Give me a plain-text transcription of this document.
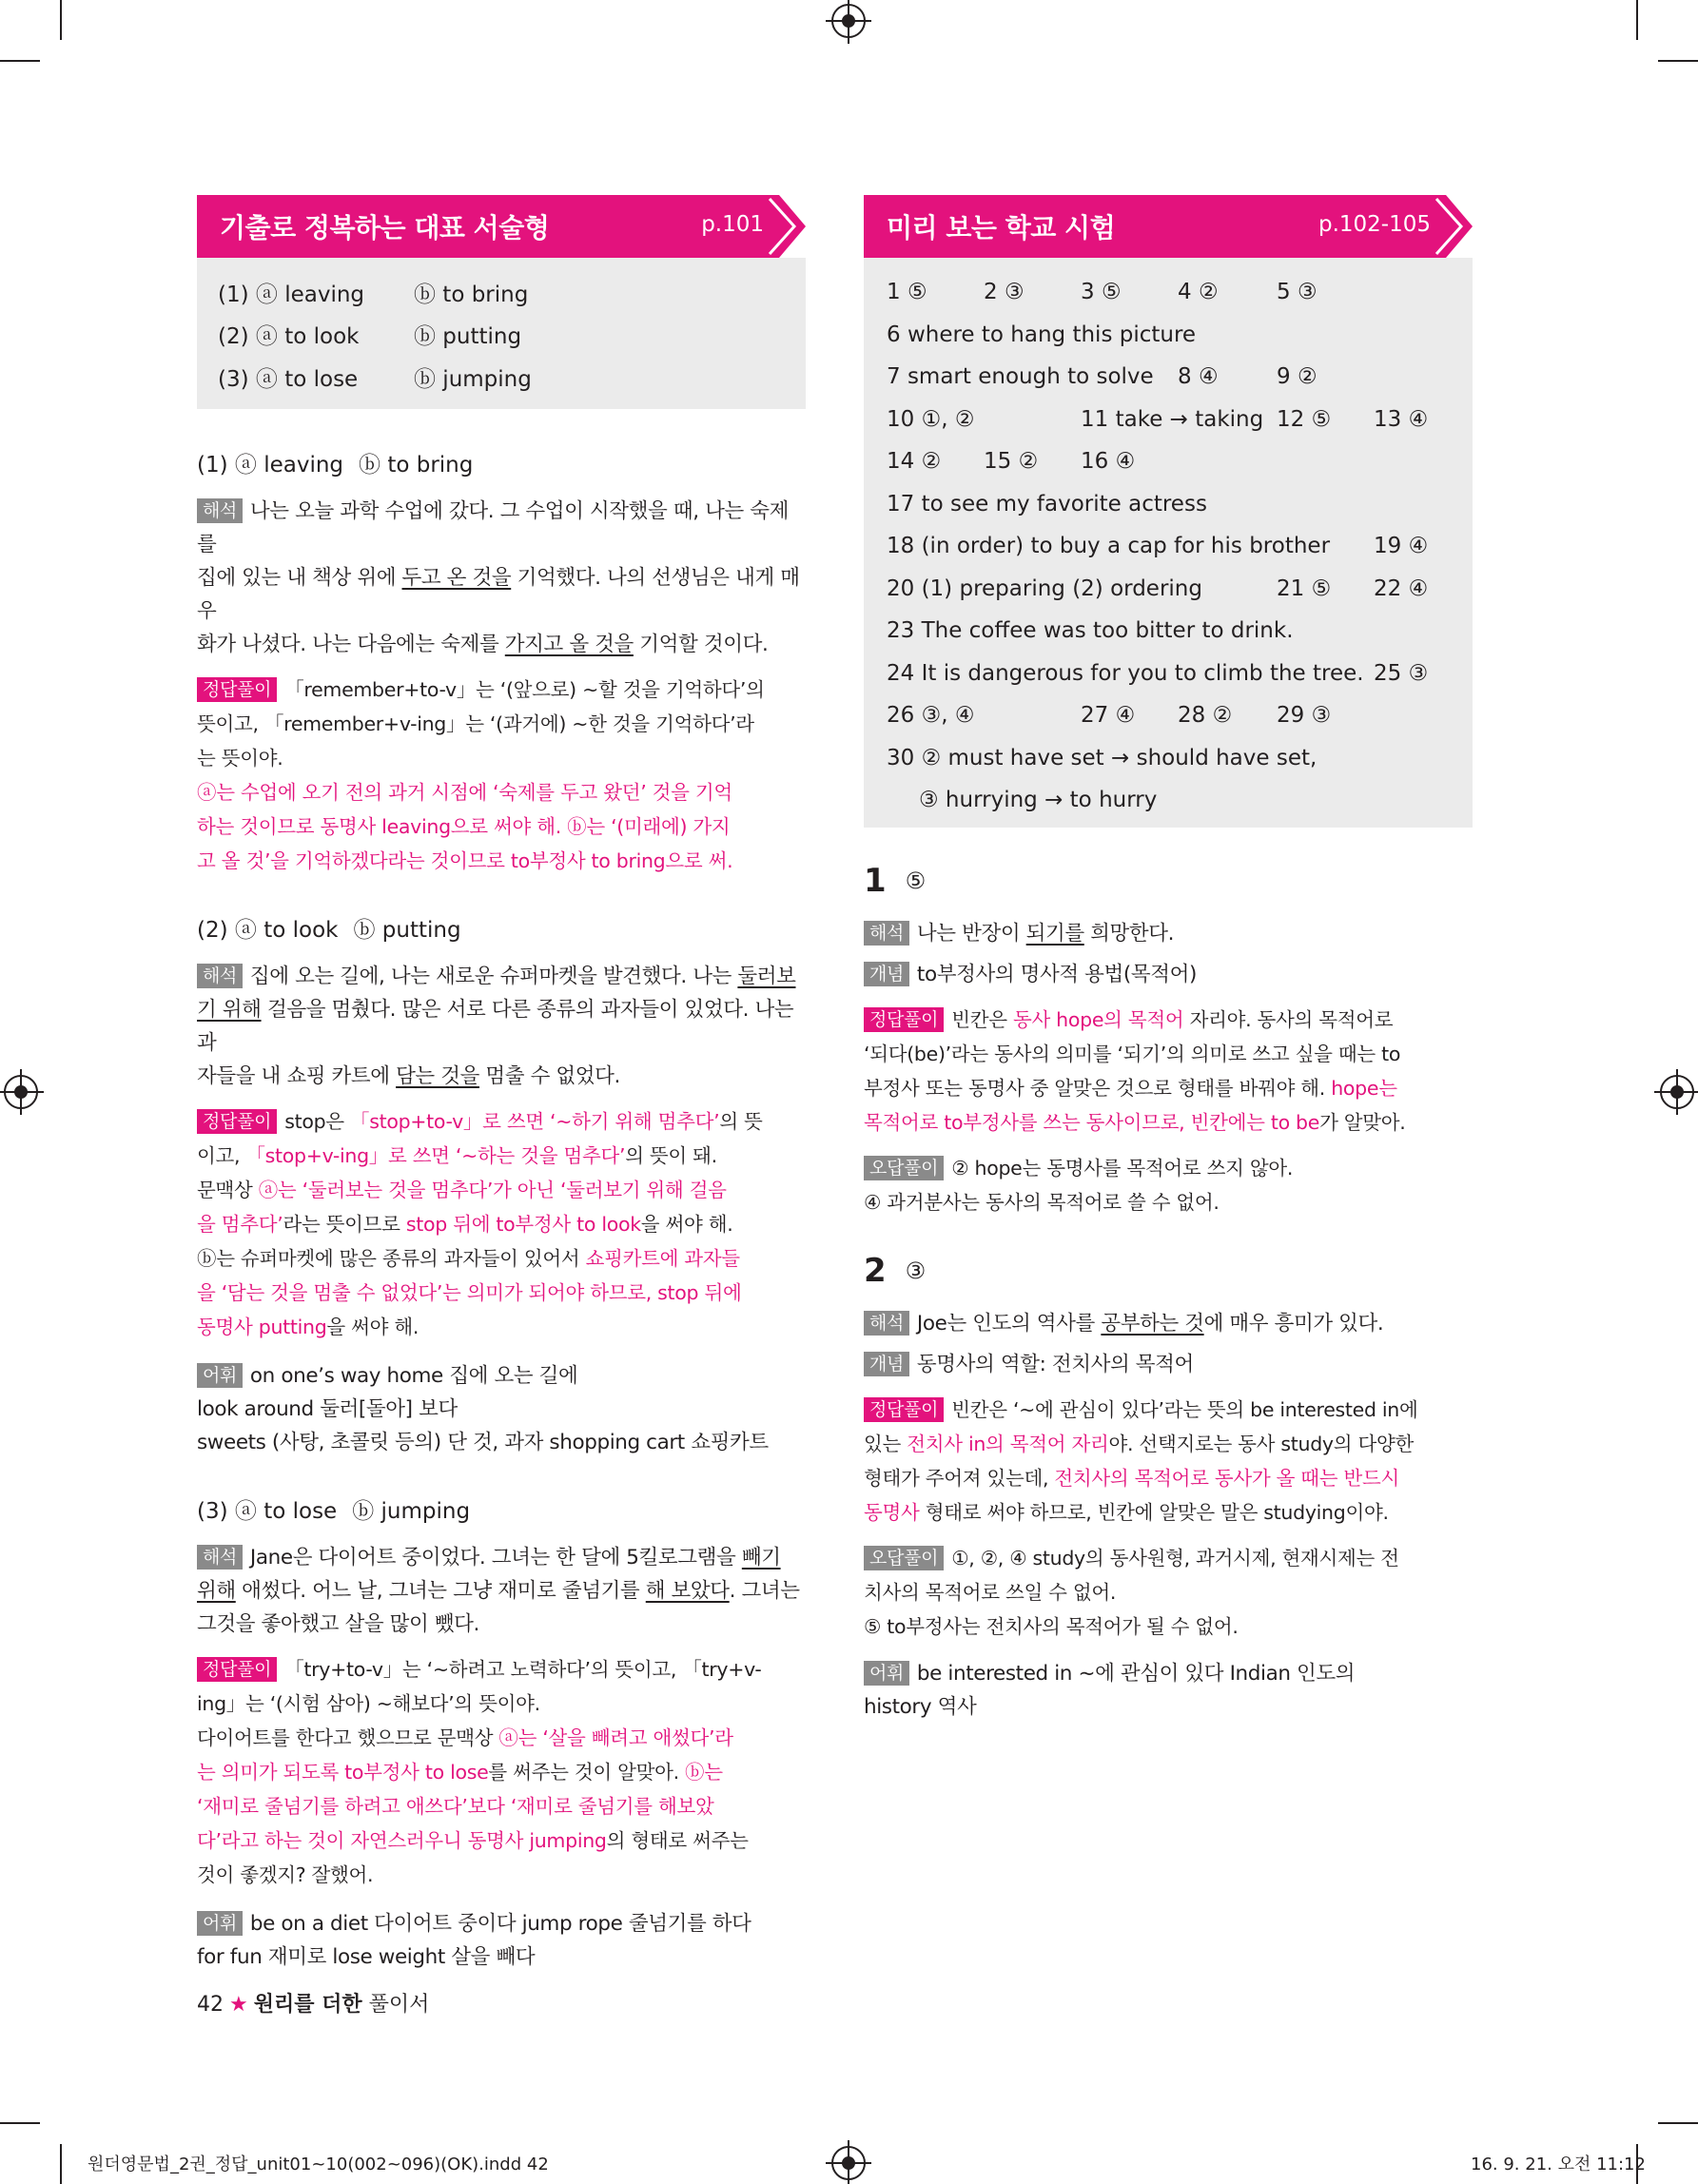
기출로 정복하는 대표 서술형	p.101
(1) ⓐ leaving	ⓑ to bring
(2) ⓐ to look	ⓑ putting
(3) ⓐ to lose	ⓑ jumping
(1) ⓐ leaving ⓑ to bring
해석 나는 오늘 과학 수업에 갔다. 그 수업이 시작했을 때, 나는 숙제를
집에 있는 내 책상 위에 두고 온 것을 기억했다. 나의 선생님은 내게 매우
화가 나셨다. 나는 다음에는 숙제를 가지고 올 것을 기억할 것이다.
정답풀이 「remember+to-v」는 ‘(앞으로) ~할 것을 기억하다’의
뜻이고, 「remember+v-ing」는 ‘(과거에) ~한 것을 기억하다’라
는 뜻이야.
ⓐ는 수업에 오기 전의 과거 시점에 ‘숙제를 두고 왔던’ 것을 기억
하는 것이므로 동명사 leaving으로 써야 해. ⓑ는 ‘(미래에) 가지
고 올 것’을 기억하겠다라는 것이므로 to부정사 to bring으로 써.
(2) ⓐ to look ⓑ putting
해석 집에 오는 길에, 나는 새로운 슈퍼마켓을 발견했다. 나는 둘러보
기 위해 걸음을 멈췄다. 많은 서로 다른 종류의 과자들이 있었다. 나는 과
자들을 내 쇼핑 카트에 담는 것을 멈출 수 없었다.
정답풀이 stop은 「stop+to-v」로 쓰면 ‘~하기 위해 멈추다’의 뜻
이고, 「stop+v-ing」로 쓰면 ‘~하는 것을 멈추다’의 뜻이 돼.
문맥상 ⓐ는 ‘둘러보는 것을 멈추다’가 아닌 ‘둘러보기 위해 걸음
을 멈추다’라는 뜻이므로 stop 뒤에 to부정사 to look을 써야 해.
ⓑ는 슈퍼마켓에 많은 종류의 과자들이 있어서 쇼핑카트에 과자들
을 ‘담는 것을 멈출 수 없었다’는 의미가 되어야 하므로, stop 뒤에
동명사 putting을 써야 해.
어휘 on one’s way home 집에 오는 길에
look around 둘러[돌아] 보다
sweets (사탕, 초콜릿 등의) 단 것, 과자 shopping cart 쇼핑카트
(3) ⓐ to lose ⓑ jumping
해석 Jane은 다이어트 중이었다. 그녀는 한 달에 5킬로그램을 빼기
위해 애썼다. 어느 날, 그녀는 그냥 재미로 줄넘기를 해 보았다. 그녀는
그것을 좋아했고 살을 많이 뺐다.
정답풀이 「try+to-v」는 ‘~하려고 노력하다’의 뜻이고, 「try+v-
ing」는 ‘(시험 삼아) ~해보다’의 뜻이야.
다이어트를 한다고 했으므로 문맥상 ⓐ는 ‘살을 빼려고 애썼다’라
는 의미가 되도록 to부정사 to lose를 써주는 것이 알맞아. ⓑ는
‘재미로 줄넘기를 하려고 애쓰다’보다 ‘재미로 줄넘기를 해보았
다’라고 하는 것이 자연스러우니 동명사 jumping의 형태로 써주는
것이 좋겠지? 잘했어.
어휘 be on a diet 다이어트 중이다 jump rope 줄넘기를 하다
for fun 재미로 lose weight 살을 빼다
미리 보는 학교 시험	p.102-105
1 ⑤	2 ③	3 ⑤	4 ②	5 ③
6 where to hang this picture
7 smart enough to solve	8 ④	9 ②
10 ①, ②	11 take → taking 12 ⑤	13 ④
14 ②	15 ②	16 ④
17 to see my favorite actress
18 (in order) to buy a cap for his brother	19 ④
20 (1) preparing (2) ordering	21 ⑤	22 ④
23 The coffee was too bitter to drink.
24 It is dangerous for you to climb the tree. 25 ③
26 ③, ④	27 ④	28 ②	29 ③
30 ② must have set → should have set,
③ hurrying → to hurry
1 ⑤
해석 나는 반장이 되기를 희망한다.
개념 to부정사의 명사적 용법(목적어)
정답풀이 빈칸은 동사 hope의 목적어 자리야. 동사의 목적어로
‘되다(be)’라는 동사의 의미를 ‘되기’의 의미로 쓰고 싶을 때는 to
부정사 또는 동명사 중 알맞은 것으로 형태를 바꿔야 해. hope는
목적어로 to부정사를 쓰는 동사이므로, 빈칸에는 to be가 알맞아.
오답풀이 ② hope는 동명사를 목적어로 쓰지 않아.
④ 과거분사는 동사의 목적어로 쓸 수 없어.
2 ③
해석 Joe는 인도의 역사를 공부하는 것에 매우 흥미가 있다.
개념 동명사의 역할: 전치사의 목적어
정답풀이 빈칸은 ‘~에 관심이 있다’라는 뜻의 be interested in에
있는 전치사 in의 목적어 자리야. 선택지로는 동사 study의 다양한
형태가 주어져 있는데, 전치사의 목적어로 동사가 올 때는 반드시
동명사 형태로 써야 하므로, 빈칸에 알맞은 말은 studying이야.
오답풀이 ①, ②, ④ study의 동사원형, 과거시제, 현재시제는 전
치사의 목적어로 쓰일 수 없어.
⑤ to부정사는 전치사의 목적어가 될 수 없어.
어휘 be interested in ~에 관심이 있다 Indian 인도의
history 역사
42 ★ 원리를 더한 풀이서
원더영문법_2권_정답_unit01~10(002~096)(OK).indd 42	16. 9. 21. 오전 11:12
